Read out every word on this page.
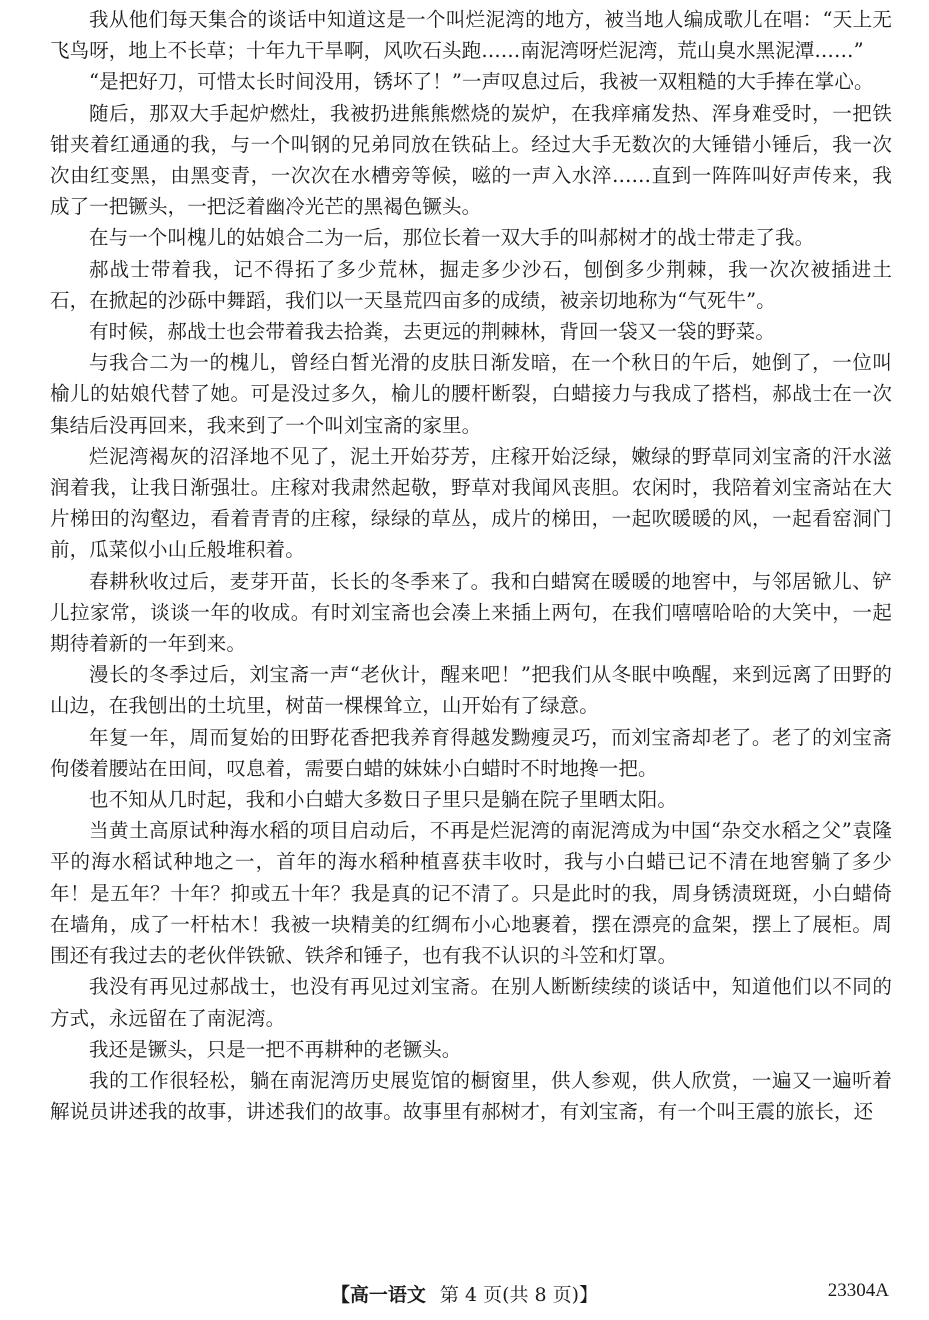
我从他们每天集合的谈话中知道这是一个叫烂泥湾的地方，被当地人编成歌儿在唱：“天上无飞鸟呀，地上不长草；十年九干旱啊，风吹石头跑……南泥湾呀烂泥湾，荒山臭水黑泥潭……”

“是把好刀，可惜太长时间没用，锈坏了！”一声叹息过后，我被一双粗糙的大手捧在掌心。

随后，那双大手起炉燃灶，我被扔进熊熊燃烧的炭炉，在我痒痛发热、浑身难受时，一把铁钳夹着红通通的我，与一个叫钢的兄弟同放在铁砧上。经过大手无数次的大锤错小锤后，我一次次由红变黑，由黑变青，一次次在水槽旁等候，嗞的一声入水淬……直到一阵阵叫好声传来，我成了一把镢头，一把泛着幽冷光芒的黑褐色镢头。

在与一个叫槐儿的姑娘合二为一后，那位长着一双大手的叫郝树才的战士带走了我。

郝战士带着我，记不得拓了多少荒林，掘走多少沙石，刨倒多少荆棘，我一次次被插进土石，在掀起的沙砾中舞蹈，我们以一天垦荒四亩多的成绩，被亲切地称为“气死牛”。

有时候，郝战士也会带着我去拾粪，去更远的荆棘林，背回一袋又一袋的野菜。

与我合二为一的槐儿，曾经白皙光滑的皮肤日渐发暗，在一个秋日的午后，她倒了，一位叫榆儿的姑娘代替了她。可是没过多久，榆儿的腰杆断裂，白蜡接力与我成了搭档，郝战士在一次集结后没再回来，我来到了一个叫刘宝斋的家里。

烂泥湾褐灰的沼泽地不见了，泥土开始芬芳，庄稼开始泛绿，嫩绿的野草同刘宝斋的汗水滋润着我，让我日渐强壮。庄稼对我肃然起敬，野草对我闻风丧胆。农闲时，我陪着刘宝斋站在大片梯田的沟壑边，看着青青的庄稼，绿绿的草丛，成片的梯田，一起吹暖暖的风，一起看窑洞门前，瓜菜似小山丘般堆积着。

春耕秋收过后，麦芽开苗，长长的冬季来了。我和白蜡窝在暖暖的地窖中，与邻居锨儿、铲儿拉家常，谈谈一年的收成。有时刘宝斋也会凑上来插上两句，在我们嘻嘻哈哈的大笑中，一起期待着新的一年到来。

漫长的冬季过后，刘宝斋一声“老伙计，醒来吧！”把我们从冬眠中唤醒，来到远离了田野的山边，在我刨出的土坑里，树苗一棵棵耸立，山开始有了绿意。

年复一年，周而复始的田野花香把我养育得越发黝瘦灵巧，而刘宝斋却老了。老了的刘宝斋佝偻着腰站在田间，叹息着，需要白蜡的妹妹小白蜡时不时地搀一把。

也不知从几时起，我和小白蜡大多数日子里只是躺在院子里晒太阳。

当黄土高原试种海水稻的项目启动后，不再是烂泥湾的南泥湾成为中国“杂交水稻之父”袁隆平的海水稻试种地之一，首年的海水稻种植喜获丰收时，我与小白蜡已记不清在地窖躺了多少年！是五年？十年？抑或五十年？我是真的记不清了。只是此时的我，周身锈渍斑斑，小白蜡倚在墙角，成了一杆枯木！我被一块精美的红绸布小心地裹着，摆在漂亮的盒架，摆上了展柜。周围还有我过去的老伙伴铁锨、铁斧和锤子，也有我不认识的斗笠和灯罩。

我没有再见过郝战士，也没有再见过刘宝斋。在别人断断续续的谈话中，知道他们以不同的方式，永远留在了南泥湾。

我还是镢头，只是一把不再耕种的老镢头。

我的工作很轻松，躺在南泥湾历史展览馆的橱窗里，供人参观，供人欣赏，一遍又一遍听着解说员讲述我的故事，讲述我们的故事。故事里有郝树才，有刘宝斋，有一个叫王震的旅长，还

【高一语文 第 4 页(共 8 页)】	23304A
